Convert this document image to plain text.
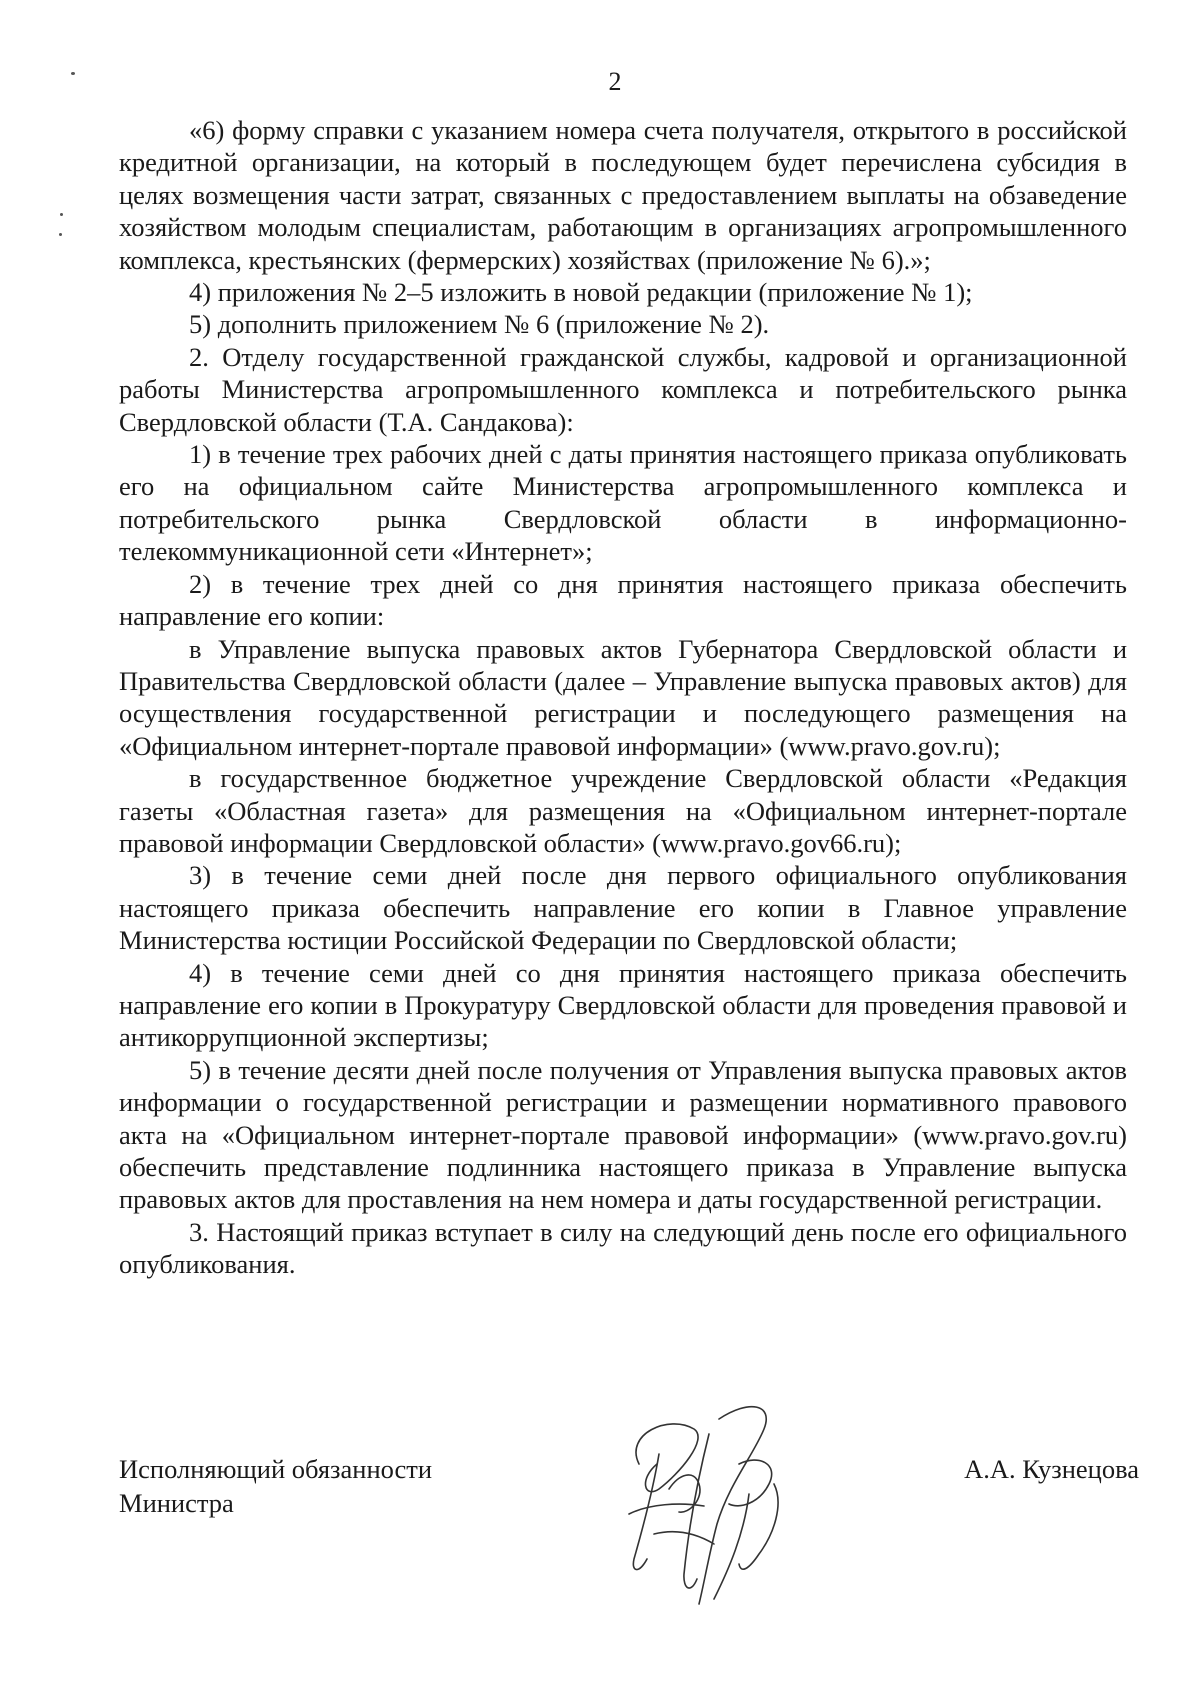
2

«6) форму справки с указанием номера счета получателя, открытого в российской кредитной организации, на который в последующем будет перечислена субсидия в целях возмещения части затрат, связанных с предоставлением выплаты на обзаведение хозяйством молодым специалистам, работающим в организациях агропромышленного комплекса, крестьянских (фермерских) хозяйствах (приложение № 6).»;

4) приложения № 2–5 изложить в новой редакции (приложение № 1);

5) дополнить приложением № 6 (приложение № 2).

2. Отделу государственной гражданской службы, кадровой и организационной работы Министерства агропромышленного комплекса и потребительского рынка Свердловской области (Т.А. Сандакова):

1) в течение трех рабочих дней с даты принятия настоящего приказа опубликовать его на официальном сайте Министерства агропромышленного комплекса и потребительского рынка Свердловской области в информационно-телекоммуникационной сети «Интернет»;

2) в течение трех дней со дня принятия настоящего приказа обеспечить направление его копии:

в Управление выпуска правовых актов Губернатора Свердловской области и Правительства Свердловской области (далее – Управление выпуска правовых актов) для осуществления государственной регистрации и последующего размещения на «Официальном интернет-портале правовой информации» (www.pravo.gov.ru);

в государственное бюджетное учреждение Свердловской области «Редакция газеты «Областная газета» для размещения на «Официальном интернет-портале правовой информации Свердловской области» (www.pravo.gov66.ru);

3) в течение семи дней после дня первого официального опубликования настоящего приказа обеспечить направление его копии в Главное управление Министерства юстиции Российской Федерации по Свердловской области;

4) в течение семи дней со дня принятия настоящего приказа обеспечить направление его копии в Прокуратуру Свердловской области для проведения правовой и антикоррупционной экспертизы;

5) в течение десяти дней после получения от Управления выпуска правовых актов информации о государственной регистрации и размещении нормативного правового акта на «Официальном интернет-портале правовой информации» (www.pravo.gov.ru) обеспечить представление подлинника настоящего приказа в Управление выпуска правовых актов для проставления на нем номера и даты государственной регистрации.

3. Настоящий приказ вступает в силу на следующий день после его официального опубликования.

Исполняющий обязанности
Министра
А.А. Кузнецова
